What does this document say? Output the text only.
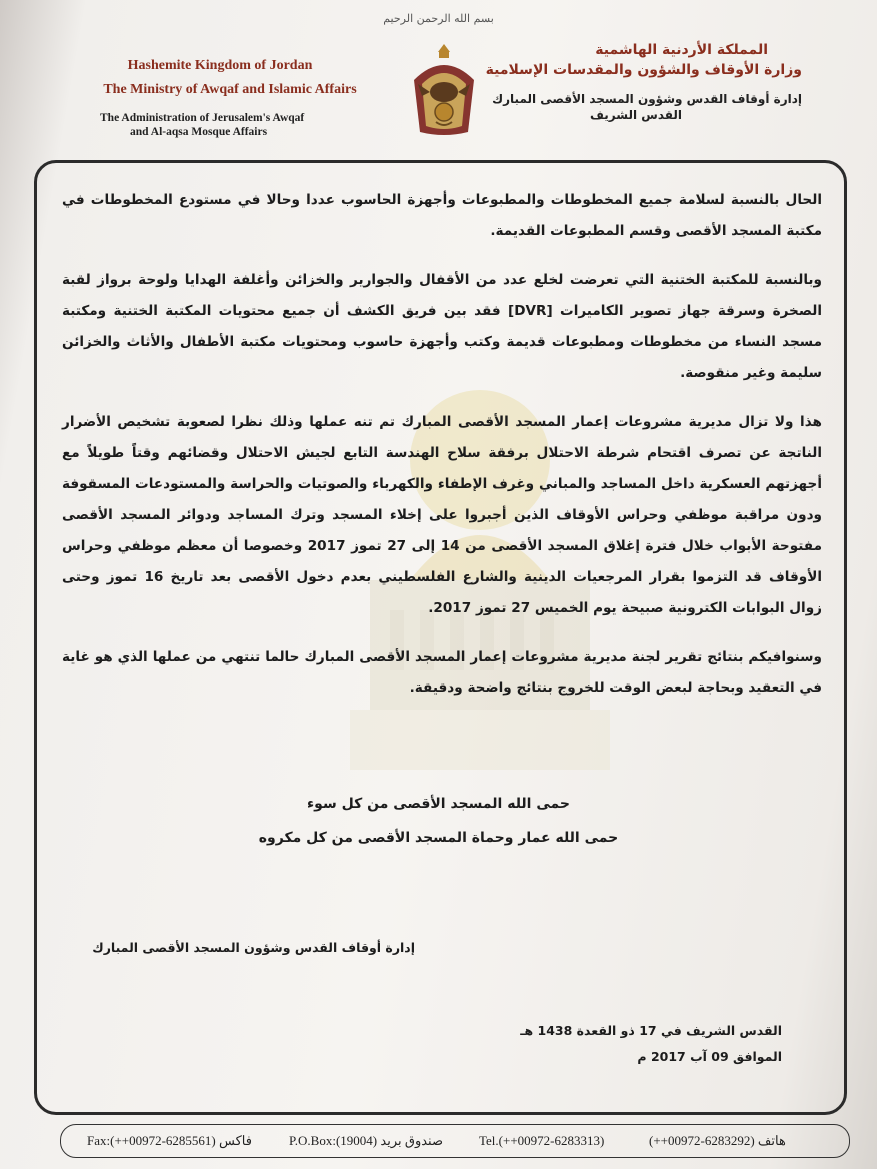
بسم الله الرحمن الرحيم
Hashemite Kingdom of Jordan
The Ministry of Awqaf and Islamic Affairs
The Administration of Jerusalem's Awqaf
and Al-aqsa Mosque Affairs
المملكة الأردنية الهاشمية
وزارة الأوقاف والشؤون والمقدسات الإسلامية
إدارة أوقاف القدس وشؤون المسجد الأقصى المبارك
القدس الشريف

الحال بالنسبة لسلامة جميع المخطوطات والمطبوعات وأجهزة الحاسوب عددا وحالا في مستودع المخطوطات في مكتبة المسجد الأقصى وقسم المطبوعات القديمة.

وبالنسبة للمكتبة الختنية التي تعرضت لخلع عدد من الأقفال والجوارير والخزائن وأغلفة الهدايا ولوحة برواز لقبة الصخرة وسرقة جهاز تصوير الكاميرات [DVR] فقد بين فريق الكشف أن جميع محتويات المكتبة الختنية ومكتبة مسجد النساء من مخطوطات ومطبوعات قديمة وكتب وأجهزة حاسوب ومحتويات مكتبة الأطفال والأثاث والخزائن سليمة وغير منقوصة.

هذا ولا تزال مديرية مشروعات إعمار المسجد الأقصى المبارك تم تنه عملها وذلك نظرا لصعوبة تشخيص الأضرار الناتجة عن تصرف اقتحام شرطة الاحتلال برفقة سلاح الهندسة التابع لجيش الاحتلال وقضائهم وقتاً طويلاً مع أجهزتهم العسكرية داخل المساجد والمباني وغرف الإطفاء والكهرباء والصوتيات والحراسة والمستودعات المسقوفة ودون مراقبة موظفي وحراس الأوقاف الذين أجبروا على إخلاء المسجد وترك المساجد ودوائر المسجد الأقصى مفتوحة الأبواب خلال فترة إغلاق المسجد الأقصى من 14 إلى 27 تموز 2017 وخصوصا أن معظم موظفي وحراس الأوقاف قد التزموا بقرار المرجعيات الدينية والشارع الفلسطيني بعدم دخول الأقصى بعد تاريخ 16 تموز وحتى زوال البوابات الكترونية صبيحة يوم الخميس 27 تموز 2017.

وسنوافيكم بنتائج تقرير لجنة مديرية مشروعات إعمار المسجد الأقصى المبارك حالما تنتهي من عملها الذي هو غاية في التعقيد وبحاجة لبعض الوقت للخروج بنتائج واضحة ودقيقة.

حمى الله المسجد الأقصى من كل سوء
حمى الله عمار وحماة المسجد الأقصى من كل مكروه
إدارة أوقاف القدس وشؤون المسجد الأقصى المبارك
القدس الشريف في 17 ذو القعدة 1438 هـ
الموافق 09 آب 2017 م
Fax:(++00972-6285561) فاكس	P.O.Box:(19004) صندوق بريد	Tel.(++00972-6283313)	(++00972-6283292) هاتف
